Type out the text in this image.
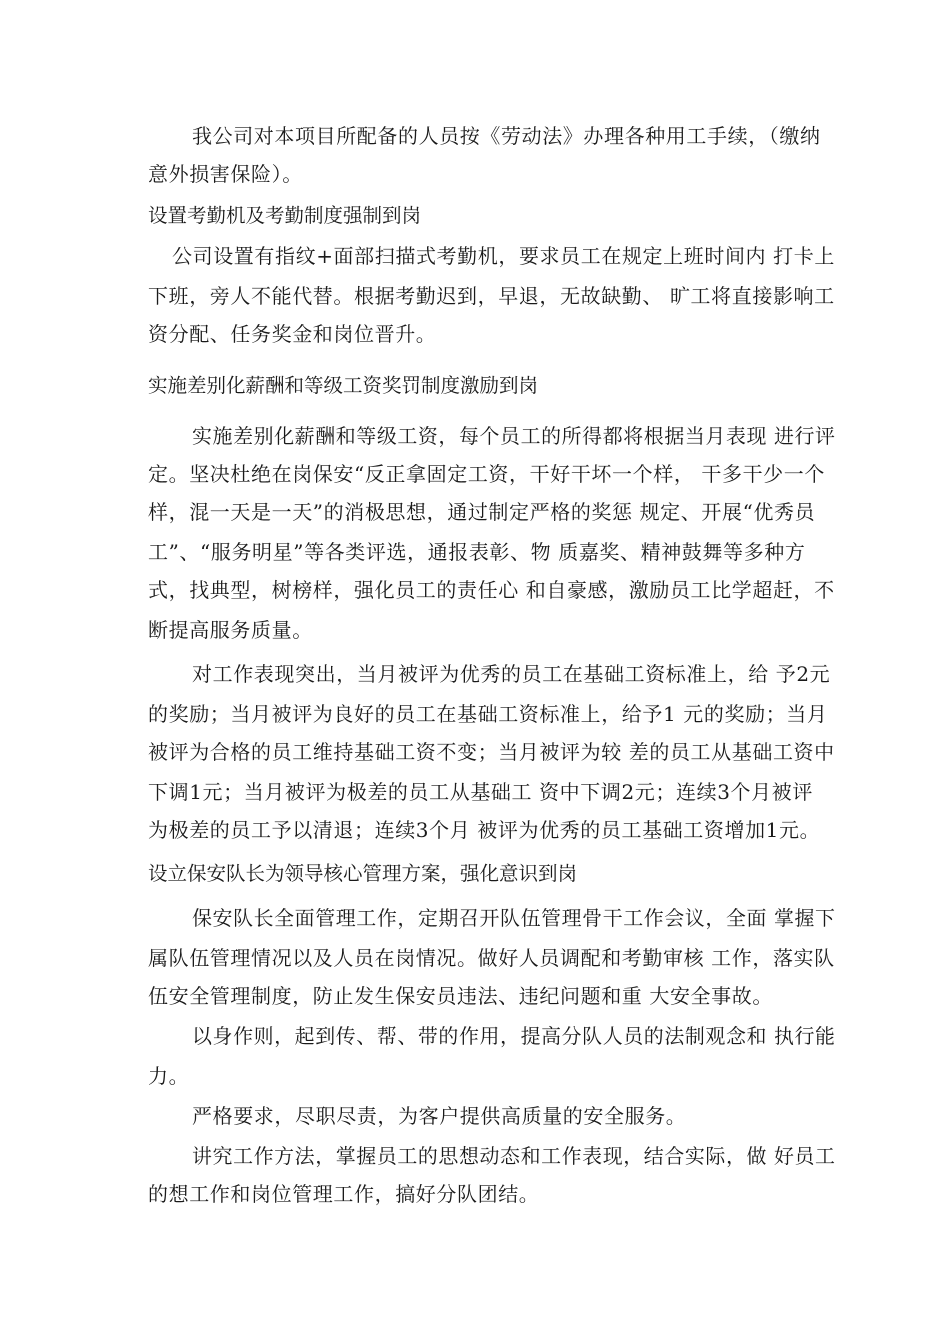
我公司对本项目所配备的人员按《劳动法》办理各种用工手续，（缴纳
意外损害保险）。
设置考勤机及考勤制度强制到岗
公司设置有指纹+面部扫描式考勤机，要求员工在规定上班时间内 打卡上
下班，旁人不能代替。根据考勤迟到，早退，无故缺勤、 旷工将直接影响工
资分配、任务奖金和岗位晋升。
实施差别化薪酬和等级工资奖罚制度激励到岗
实施差别化薪酬和等级工资，每个员工的所得都将根据当月表现 进行评
定。坚决杜绝在岗保安“反正拿固定工资，干好干坏一个样， 干多干少一个
样，混一天是一天”的消极思想，通过制定严格的奖惩 规定、开展“优秀员
工”、“服务明星”等各类评选，通报表彰、物 质嘉奖、精神鼓舞等多种方
式，找典型，树榜样，强化员工的责任心 和自豪感，激励员工比学超赶，不
断提高服务质量。
对工作表现突出，当月被评为优秀的员工在基础工资标准上，给 予2元
的奖励；当月被评为良好的员工在基础工资标准上，给予1 元的奖励；当月
被评为合格的员工维持基础工资不变；当月被评为较 差的员工从基础工资中
下调1元；当月被评为极差的员工从基础工 资中下调2元；连续3个月被评
为极差的员工予以清退；连续3个月 被评为优秀的员工基础工资增加1元。
设立保安队长为领导核心管理方案，强化意识到岗
保安队长全面管理工作，定期召开队伍管理骨干工作会议，全面 掌握下
属队伍管理情况以及人员在岗情况。做好人员调配和考勤审核 工作，落实队
伍安全管理制度，防止发生保安员违法、违纪问题和重 大安全事故。
以身作则，起到传、帮、带的作用，提高分队人员的法制观念和 执行能
力。
严格要求，尽职尽责，为客户提供高质量的安全服务。
讲究工作方法，掌握员工的思想动态和工作表现，结合实际，做 好员工
的想工作和岗位管理工作，搞好分队团结。
